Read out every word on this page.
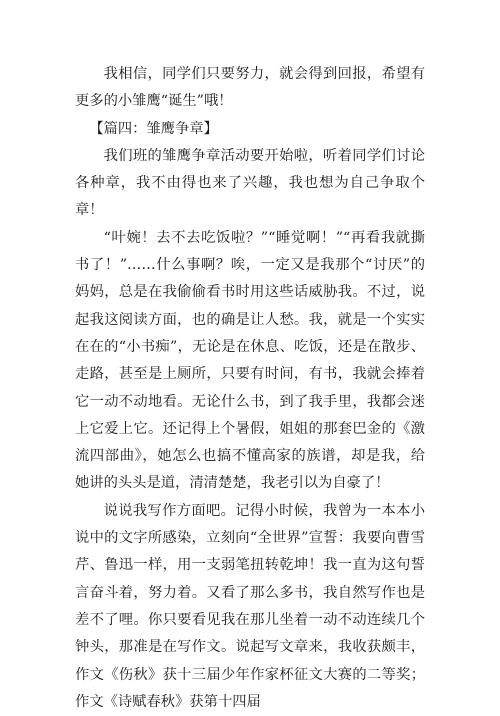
我相信，同学们只要努力，就会得到回报，希望有更多的小雏鹰“诞生”哦！

【篇四：雏鹰争章】

我们班的雏鹰争章活动要开始啦，听着同学们讨论各种章，我不由得也来了兴趣，我也想为自己争取个章！

“叶婉！去不去吃饭啦？”“睡觉啊！”“再看我就撕书了！”……什么事啊？唉，一定又是我那个“讨厌”的妈妈，总是在我偷偷看书时用这些话威胁我。不过，说起我这阅读方面，也的确是让人愁。我，就是一个实实在在的“小书痴”，无论是在休息、吃饭，还是在散步、走路，甚至是上厕所，只要有时间，有书，我就会捧着它一动不动地看。无论什么书，到了我手里，我都会迷上它爱上它。还记得上个暑假，姐姐的那套巴金的《激流四部曲》，她怎么也搞不懂高家的族谱，却是我，给她讲的头头是道，清清楚楚，我老引以为自豪了！

说说我写作方面吧。记得小时候，我曾为一本本小说中的文字所感染，立刻向“全世界”宣誓：我要向曹雪芹、鲁迅一样，用一支弱笔扭转乾坤！我一直为这句誓言奋斗着，努力着。又看了那么多书，我自然写作也是差不了哩。你只要看见我在那儿坐着一动不动连续几个钟头，那准是在写作文。说起写文章来，我收获颇丰，作文《伤秋》获十三届少年作家杯征文大赛的二等奖；作文《诗赋春秋》获第十四届
